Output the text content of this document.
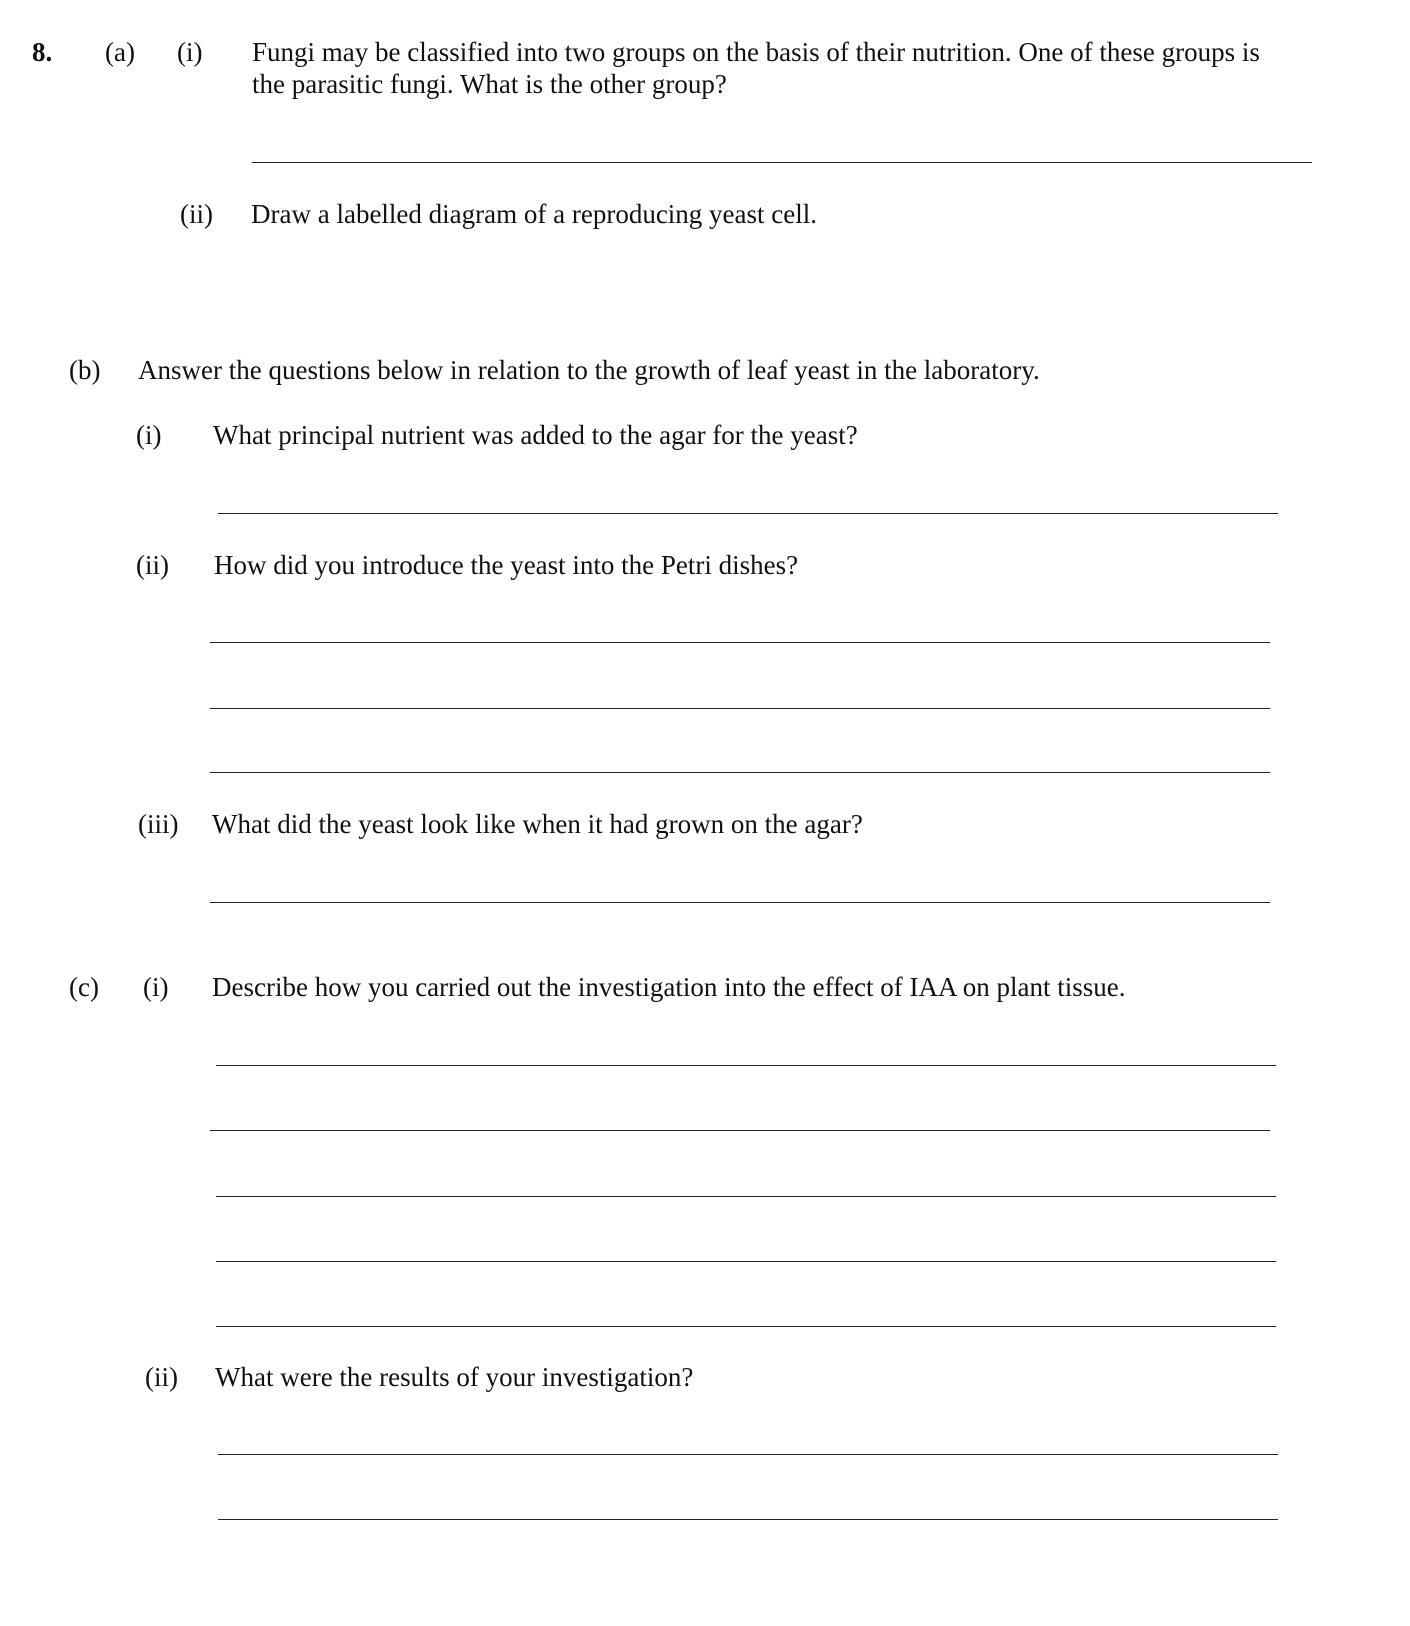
8. (a) (i) Fungi may be classified into two groups on the basis of their nutrition. One of these groups is
the parasitic fungi. What is the other group?
(ii) Draw a labelled diagram of a reproducing yeast cell.
(b) Answer the questions below in relation to the growth of leaf yeast in the laboratory.
(i) What principal nutrient was added to the agar for the yeast?
(ii) How did you introduce the yeast into the Petri dishes?
(iii) What did the yeast look like when it had grown on the agar?
(c) (i) Describe how you carried out the investigation into the effect of IAA on plant tissue.
(ii) What were the results of your investigation?
